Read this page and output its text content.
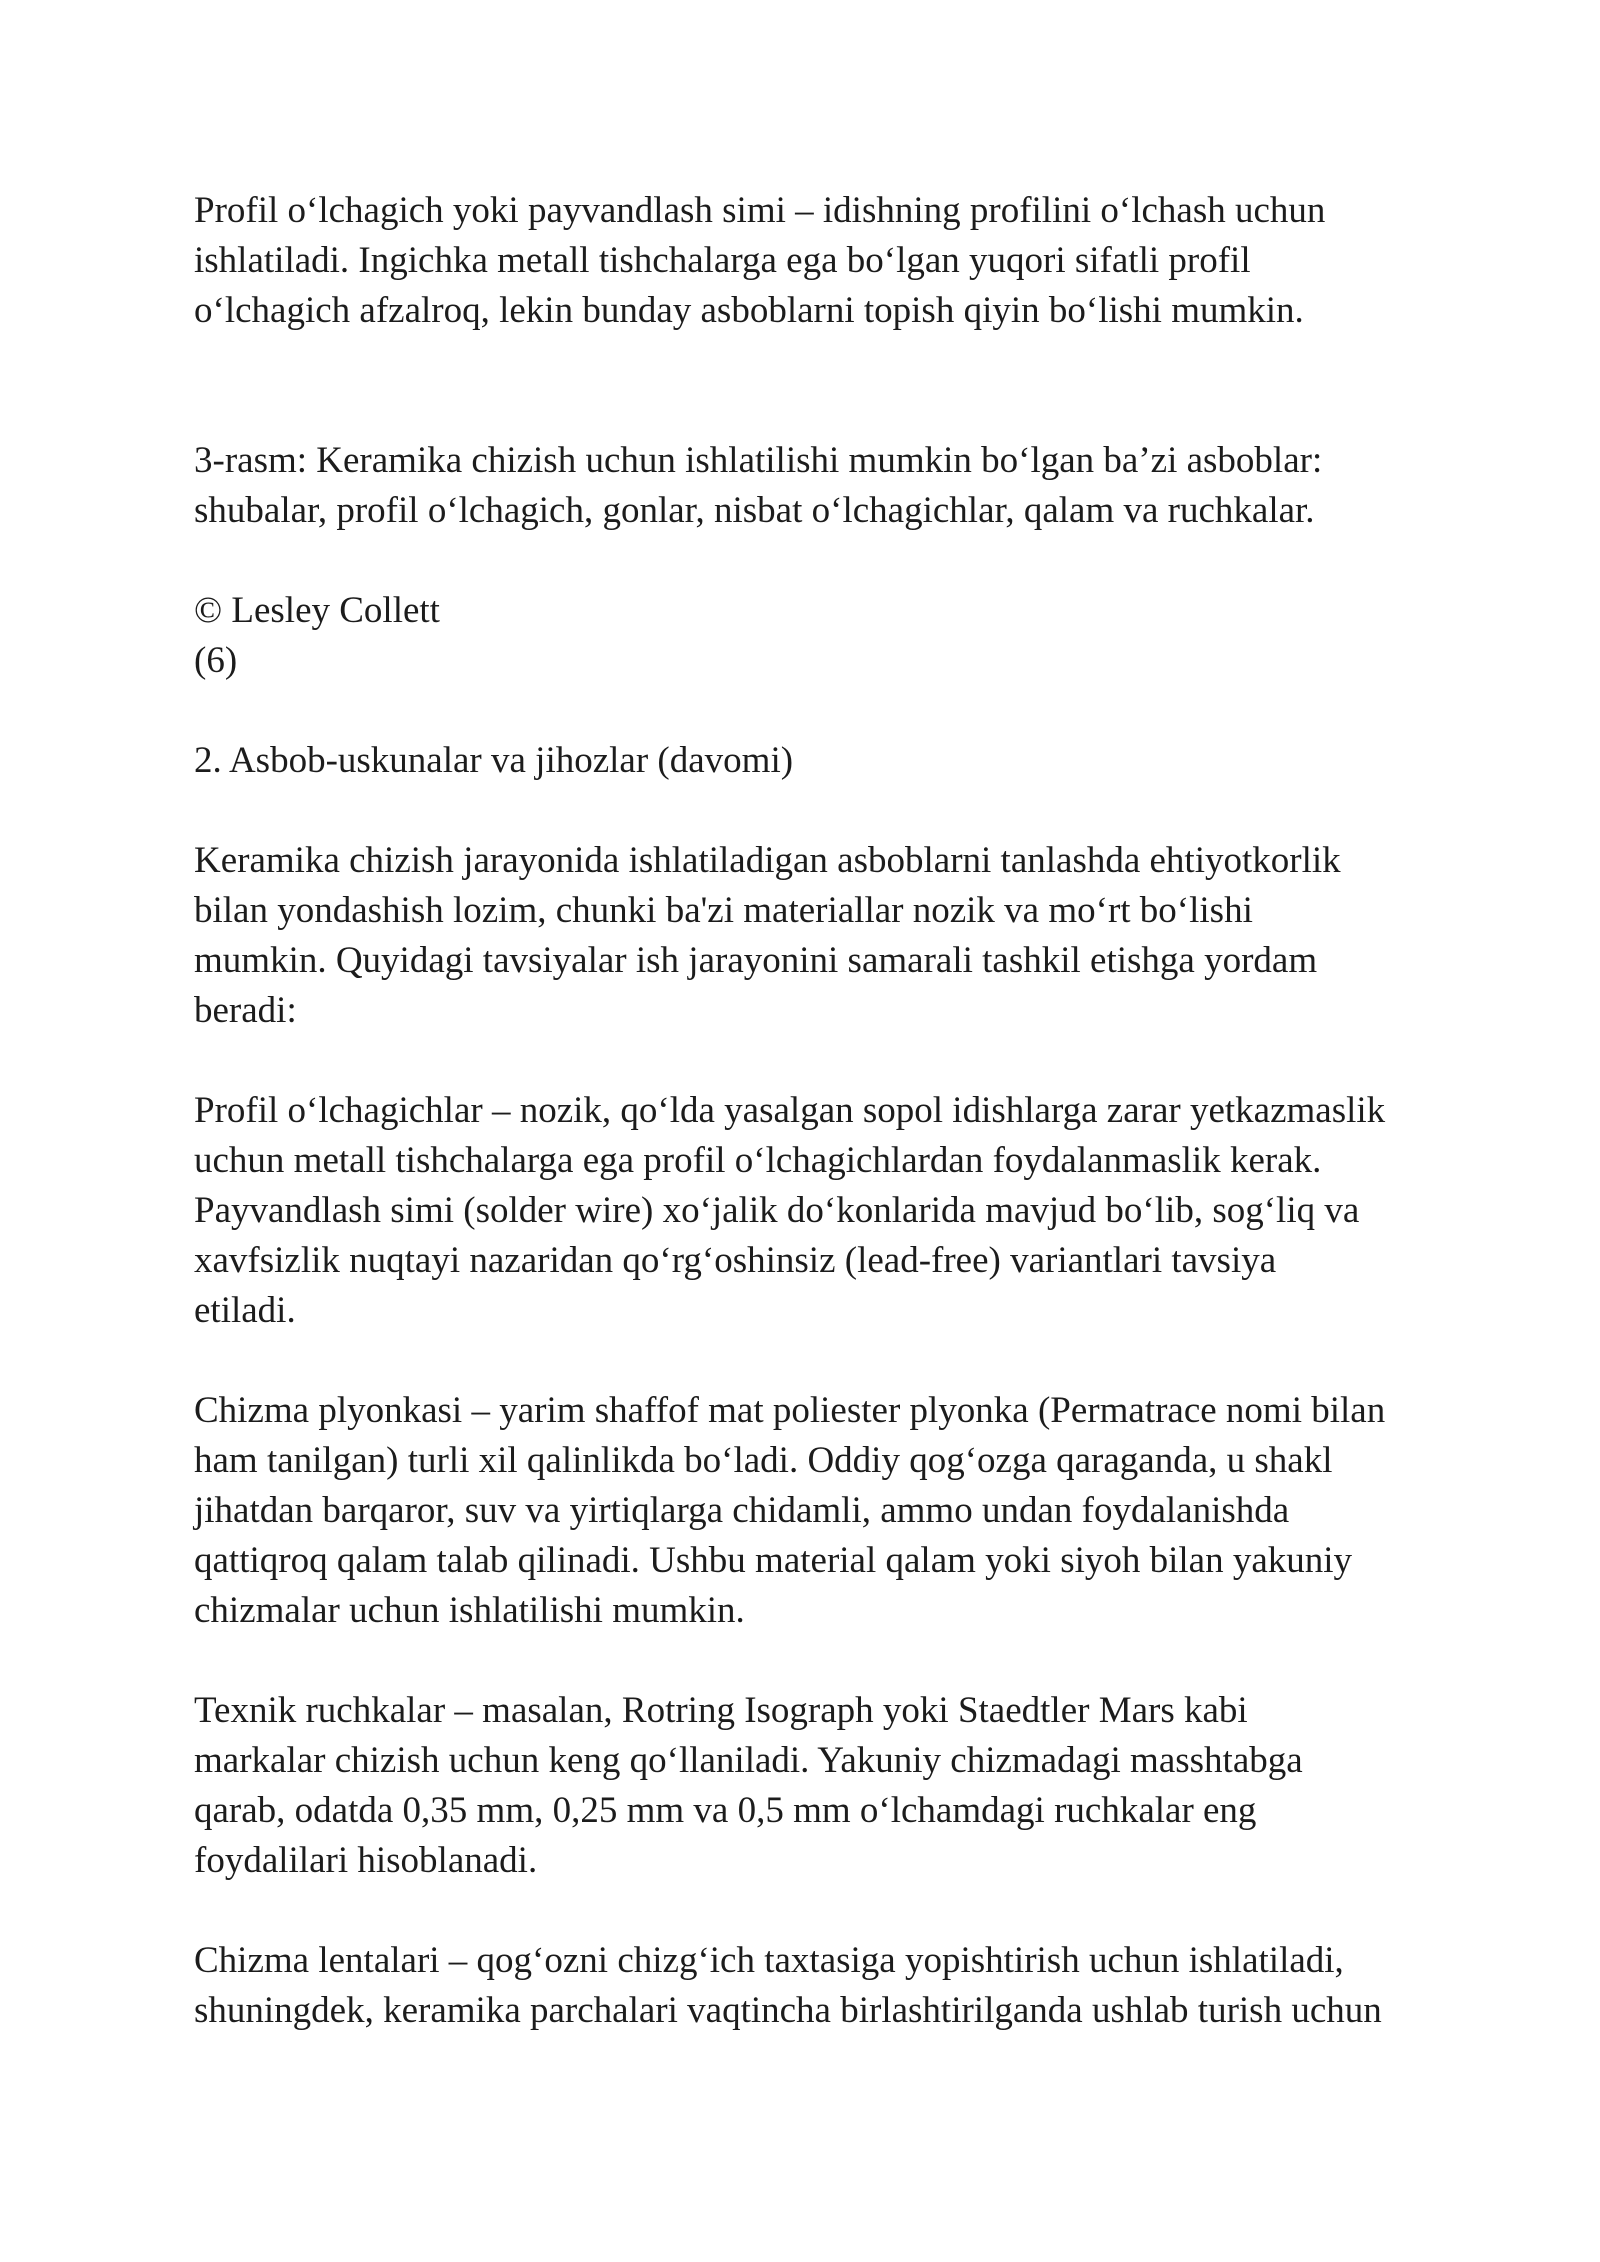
Profil o‘lchagich yoki payvandlash simi – idishning profilini o‘lchash uchun
ishlatiladi. Ingichka metall tishchalarga ega bo‘lgan yuqori sifatli profil
o‘lchagich afzalroq, lekin bunday asboblarni topish qiyin bo‘lishi mumkin.

3-rasm: Keramika chizish uchun ishlatilishi mumkin bo‘lgan ba’zi asboblar:
shubalar, profil o‘lchagich, gonlar, nisbat o‘lchagichlar, qalam va ruchkalar.

© Lesley Collett
(6)

2. Asbob-uskunalar va jihozlar (davomi)

Keramika chizish jarayonida ishlatiladigan asboblarni tanlashda ehtiyotkorlik
bilan yondashish lozim, chunki ba'zi materiallar nozik va mo‘rt bo‘lishi
mumkin. Quyidagi tavsiyalar ish jarayonini samarali tashkil etishga yordam
beradi:

Profil o‘lchagichlar – nozik, qo‘lda yasalgan sopol idishlarga zarar yetkazmaslik
uchun metall tishchalarga ega profil o‘lchagichlardan foydalanmaslik kerak.
Payvandlash simi (solder wire) xo‘jalik do‘konlarida mavjud bo‘lib, sog‘liq va
xavfsizlik nuqtayi nazaridan qo‘rg‘oshinsiz (lead-free) variantlari tavsiya
etiladi.

Chizma plyonkasi – yarim shaffof mat poliester plyonka (Permatrace nomi bilan
ham tanilgan) turli xil qalinlikda bo‘ladi. Oddiy qog‘ozga qaraganda, u shakl
jihatdan barqaror, suv va yirtiqlarga chidamli, ammo undan foydalanishda
qattiqroq qalam talab qilinadi. Ushbu material qalam yoki siyoh bilan yakuniy
chizmalar uchun ishlatilishi mumkin.

Texnik ruchkalar – masalan, Rotring Isograph yoki Staedtler Mars kabi
markalar chizish uchun keng qo‘llaniladi. Yakuniy chizmadagi masshtabga
qarab, odatda 0,35 mm, 0,25 mm va 0,5 mm o‘lchamdagi ruchkalar eng
foydalilari hisoblanadi.

Chizma lentalari – qog‘ozni chizg‘ich taxtasiga yopishtirish uchun ishlatiladi,
shuningdek, keramika parchalari vaqtincha birlashtirilganda ushlab turish uchun
